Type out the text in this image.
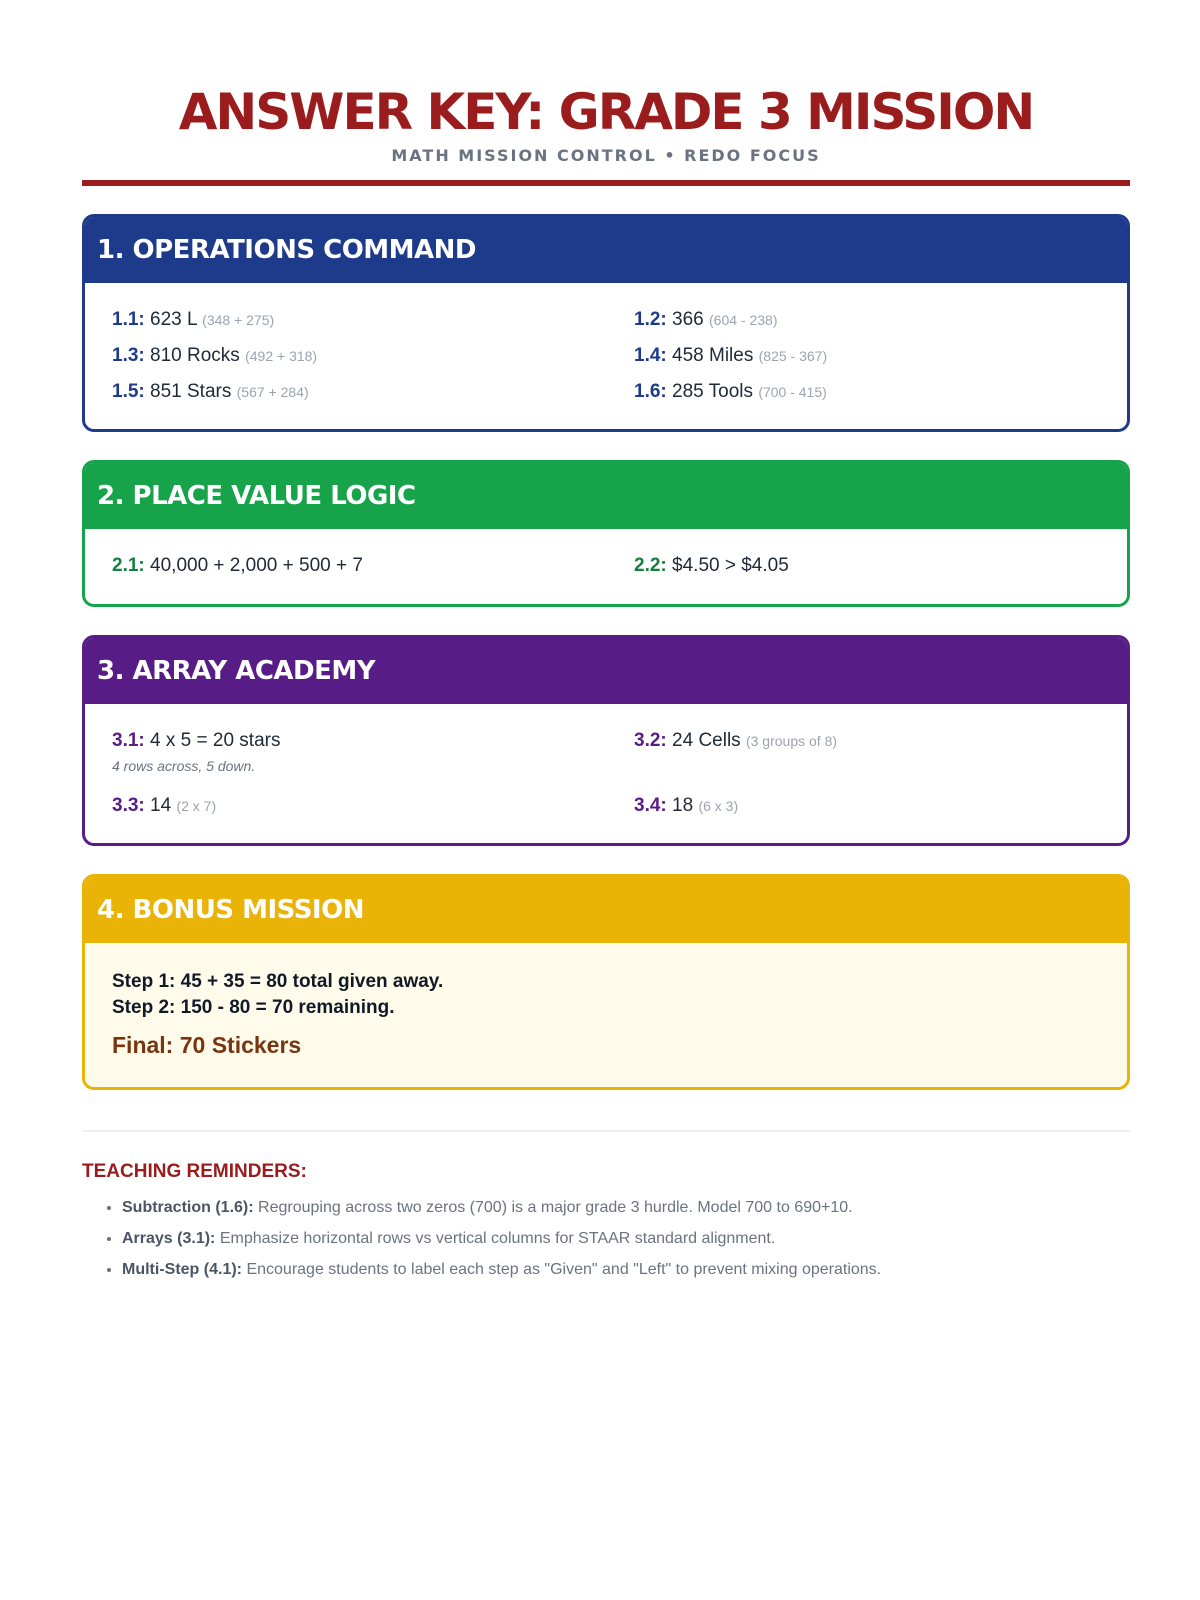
ANSWER KEY: GRADE 3 MISSION
MATH MISSION CONTROL • REDO FOCUS
1. OPERATIONS COMMAND
1.1: 623 L (348 + 275)	1.2: 366 (604 - 238)
1.3: 810 Rocks (492 + 318)	1.4: 458 Miles (825 - 367)
1.5: 851 Stars (567 + 284)	1.6: 285 Tools (700 - 415)
2. PLACE VALUE LOGIC
2.1: 40,000 + 2,000 + 500 + 7	2.2: $4.50 > $4.05
3. ARRAY ACADEMY
3.1: 4 x 5 = 20 stars
4 rows across, 5 down.
3.2: 24 Cells (3 groups of 8)
3.3: 14 (2 x 7)	3.4: 18 (6 x 3)
4. BONUS MISSION
Step 1: 45 + 35 = 80 total given away.
Step 2: 150 - 80 = 70 remaining.
Final: 70 Stickers
TEACHING REMINDERS:
• Subtraction (1.6): Regrouping across two zeros (700) is a major grade 3 hurdle. Model 700 to 690+10.
• Arrays (3.1): Emphasize horizontal rows vs vertical columns for STAAR standard alignment.
• Multi-Step (4.1): Encourage students to label each step as "Given" and "Left" to prevent mixing operations.
